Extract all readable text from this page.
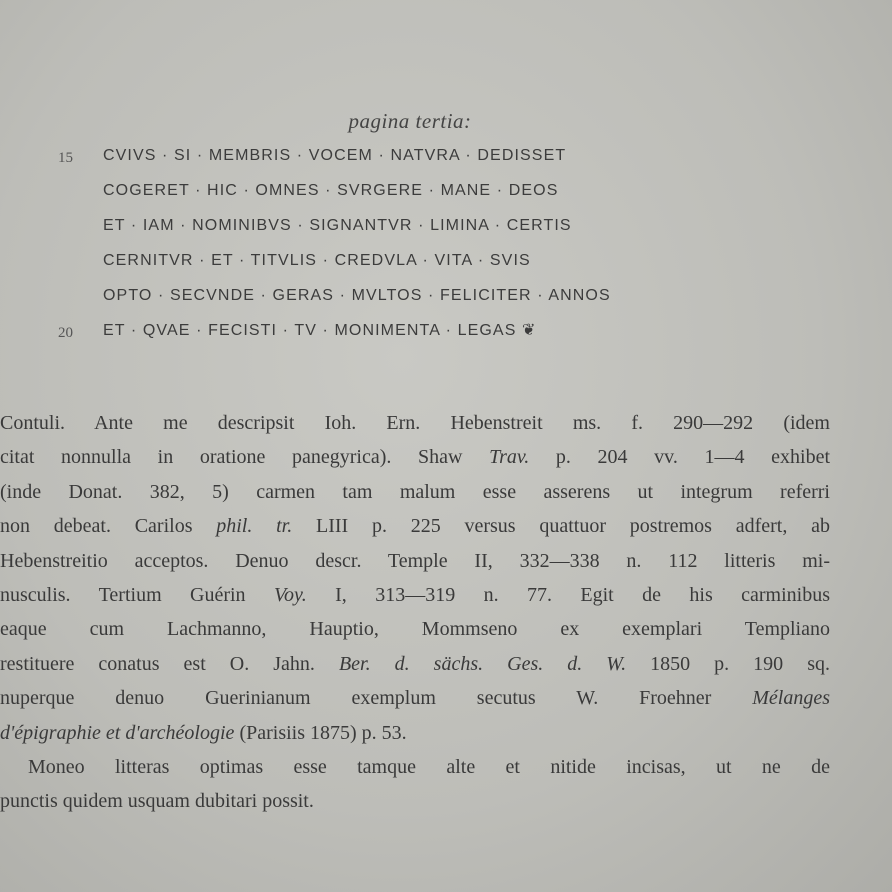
pagina tertia:
15 CVIVS · SI · MEMBRIS · VOCEM · NATVRA · DEDISSET
COGERET · HIC · OMNES · SVRGERE · MANE · DEOS
ET · IAM · NOMINIBVS · SIGNANTVR · LIMINA · CERTIS
CERNITVR · ET · TITVLIS · CREDVLA · VITA · SVIS
OPTO · SECVNDE · GERAS · MVLTOS · FELICITER · ANNOS
20 ET · QVAE · FECISTI · TV · MONIMENTA · LEGAS ❦

Contuli. Ante me descripsit Ioh. Ern. Hebenstreit ms. f. 290—292 (idem

citat nonnulla in oratione panegyrica). Shaw Trav. p. 204 vv. 1—4 exhibet

(inde Donat. 382, 5) carmen tam malum esse asserens ut integrum referri

non debeat. Carilos phil. tr. LIII p. 225 versus quattuor postremos adfert, ab

Hebenstreitio acceptos. Denuo descr. Temple II, 332—338 n. 112 litteris mi-

nusculis. Tertium Guérin Voy. I, 313—319 n. 77. Egit de his carminibus

eaque cum Lachmanno, Hauptio, Mommseno ex exemplari Templiano

restituere conatus est O. Jahn. Ber. d. sächs. Ges. d. W. 1850 p. 190 sq.

nuperque denuo Guerinianum exemplum secutus W. Froehner Mélanges

d'épigraphie et d'archéologie (Parisiis 1875) p. 53.

Moneo litteras optimas esse tamque alte et nitide incisas, ut ne de

punctis quidem usquam dubitari possit.
